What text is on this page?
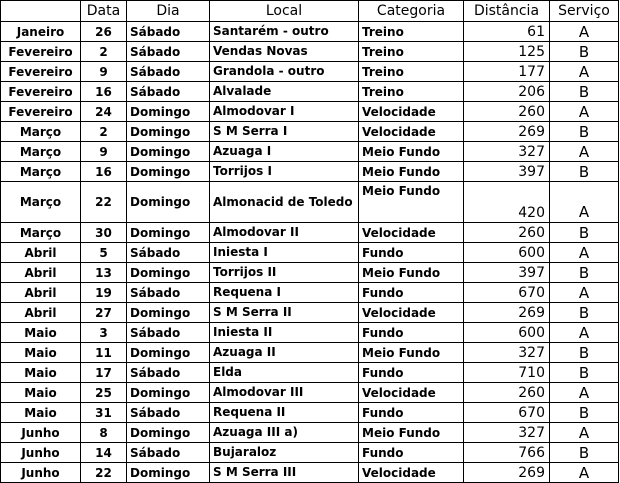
	Data	Dia	Local	Categoria	Distância	Serviço
Janeiro	26	Sábado	Santarém - outro	Treino	61	A
Fevereiro	2	Sábado	Vendas Novas	Treino	125	B
Fevereiro	9	Sábado	Grandola - outro	Treino	177	A
Fevereiro	16	Sábado	Alvalade	Treino	206	B
Fevereiro	24	Domingo	Almodovar I	Velocidade	260	A
Março	2	Domingo	S M Serra I	Velocidade	269	B
Março	9	Domingo	Azuaga I	Meio Fundo	327	A
Março	16	Domingo	Torrijos I	Meio Fundo	397	B
Março	22	Domingo	Almonacid de Toledo	Meio Fundo	420	A
Março	30	Domingo	Almodovar II	Velocidade	260	B
Abril	5	Sábado	Iniesta I	Fundo	600	A
Abril	13	Domingo	Torrijos II	Meio Fundo	397	B
Abril	19	Sábado	Requena I	Fundo	670	A
Abril	27	Domingo	S M Serra II	Velocidade	269	B
Maio	3	Sábado	Iniesta II	Fundo	600	A
Maio	11	Domingo	Azuaga II	Meio Fundo	327	B
Maio	17	Sábado	Elda	Fundo	710	B
Maio	25	Domingo	Almodovar III	Velocidade	260	A
Maio	31	Sábado	Requena II	Fundo	670	B
Junho	8	Domingo	Azuaga III a)	Meio Fundo	327	A
Junho	14	Sábado	Bujaraloz	Fundo	766	B
Junho	22	Domingo	S M Serra III	Velocidade	269	A
